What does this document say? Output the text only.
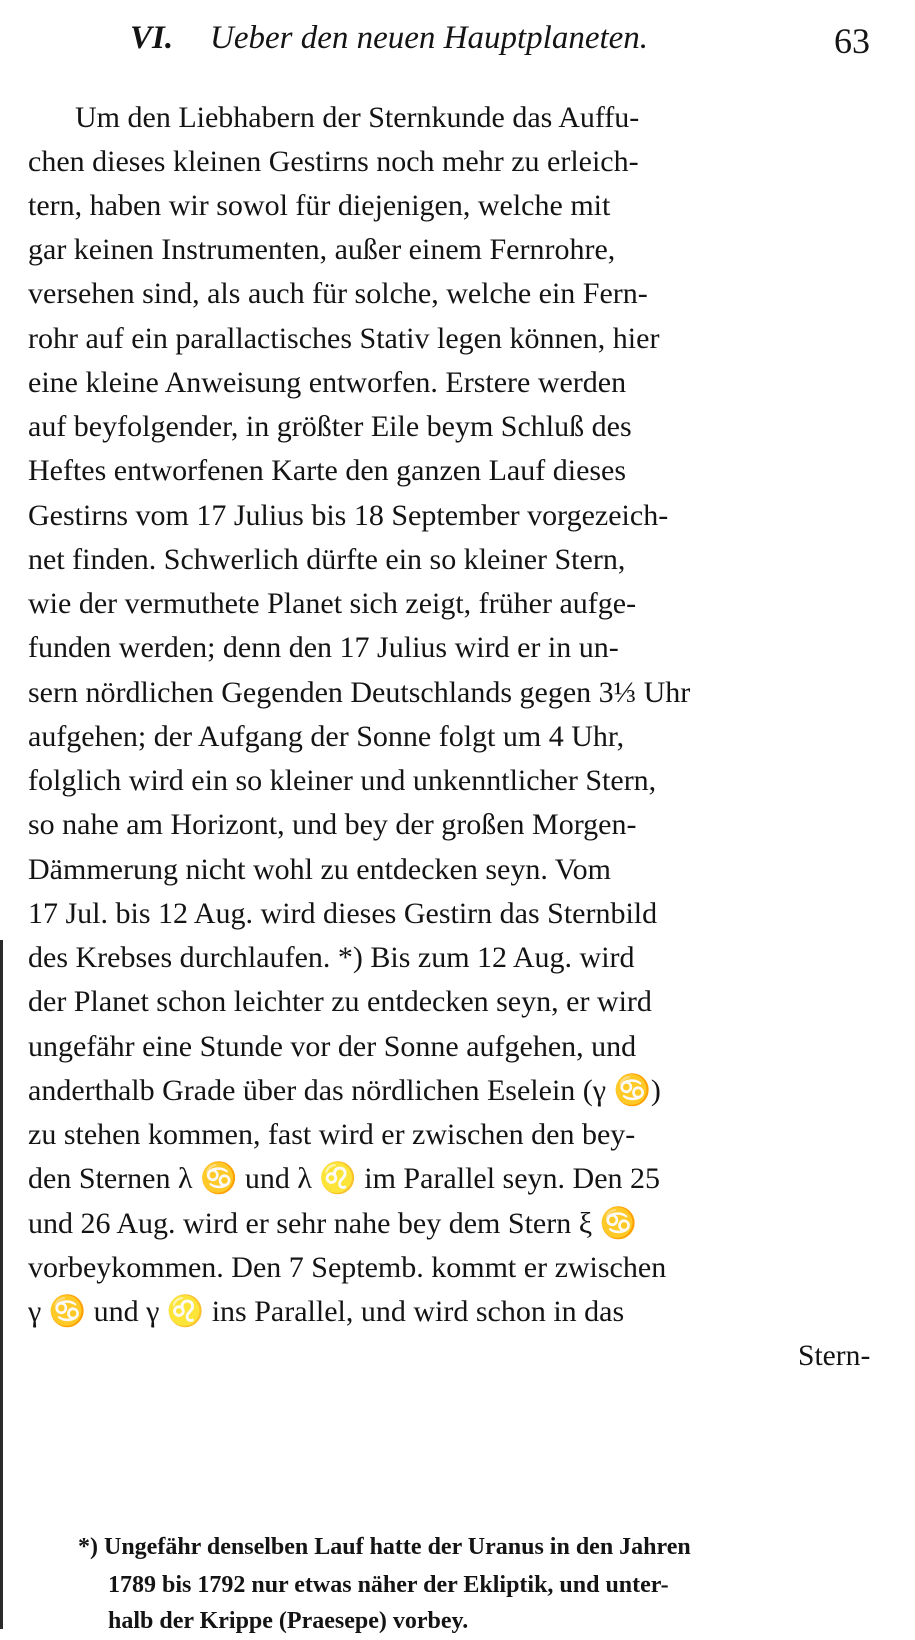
VI. Ueber den neuen Hauptplaneten.	63
Um den Liebhabern der Sternkunde das Auffu-
chen dieses kleinen Gestirns noch mehr zu erleich-
tern, haben wir sowol für diejenigen, welche mit
gar keinen Instrumenten, außer einem Fernrohre,
versehen sind, als auch für solche, welche ein Fern-
rohr auf ein parallactisches Stativ legen können, hier
eine kleine Anweisung entworfen. Erstere werden
auf beyfolgender, in größter Eile beym Schluß des
Heftes entworfenen Karte den ganzen Lauf dieses
Gestirns vom 17 Julius bis 18 September vorgezeich-
net finden. Schwerlich dürfte ein so kleiner Stern,
wie der vermuthete Planet sich zeigt, früher aufge-
funden werden; denn den 17 Julius wird er in un-
sern nördlichen Gegenden Deutschlands gegen 3⅓ Uhr
aufgehen; der Aufgang der Sonne folgt um 4 Uhr,
folglich wird ein so kleiner und unkenntlicher Stern,
so nahe am Horizont, und bey der großen Morgen-
Dämmerung nicht wohl zu entdecken seyn. Vom
17 Jul. bis 12 Aug. wird dieses Gestirn das Sternbild
des Krebses durchlaufen. *) Bis zum 12 Aug. wird
der Planet schon leichter zu entdecken seyn, er wird
ungefähr eine Stunde vor der Sonne aufgehen, und
anderthalb Grade über das nördlichen Eselein (γ ♋)
zu stehen kommen, fast wird er zwischen den bey-
den Sternen λ ♋ und λ ♌ im Parallel seyn. Den 25
und 26 Aug. wird er sehr nahe bey dem Stern ξ ♋
vorbeykommen. Den 7 Septemb. kommt er zwischen
γ ♋ und γ ♌ ins Parallel, und wird schon in das
Stern-
*) Ungefähr denselben Lauf hatte der Uranus in den Jahren
1789 bis 1792 nur etwas näher der Ekliptik, und unter-
halb der Krippe (Praesepe) vorbey.
